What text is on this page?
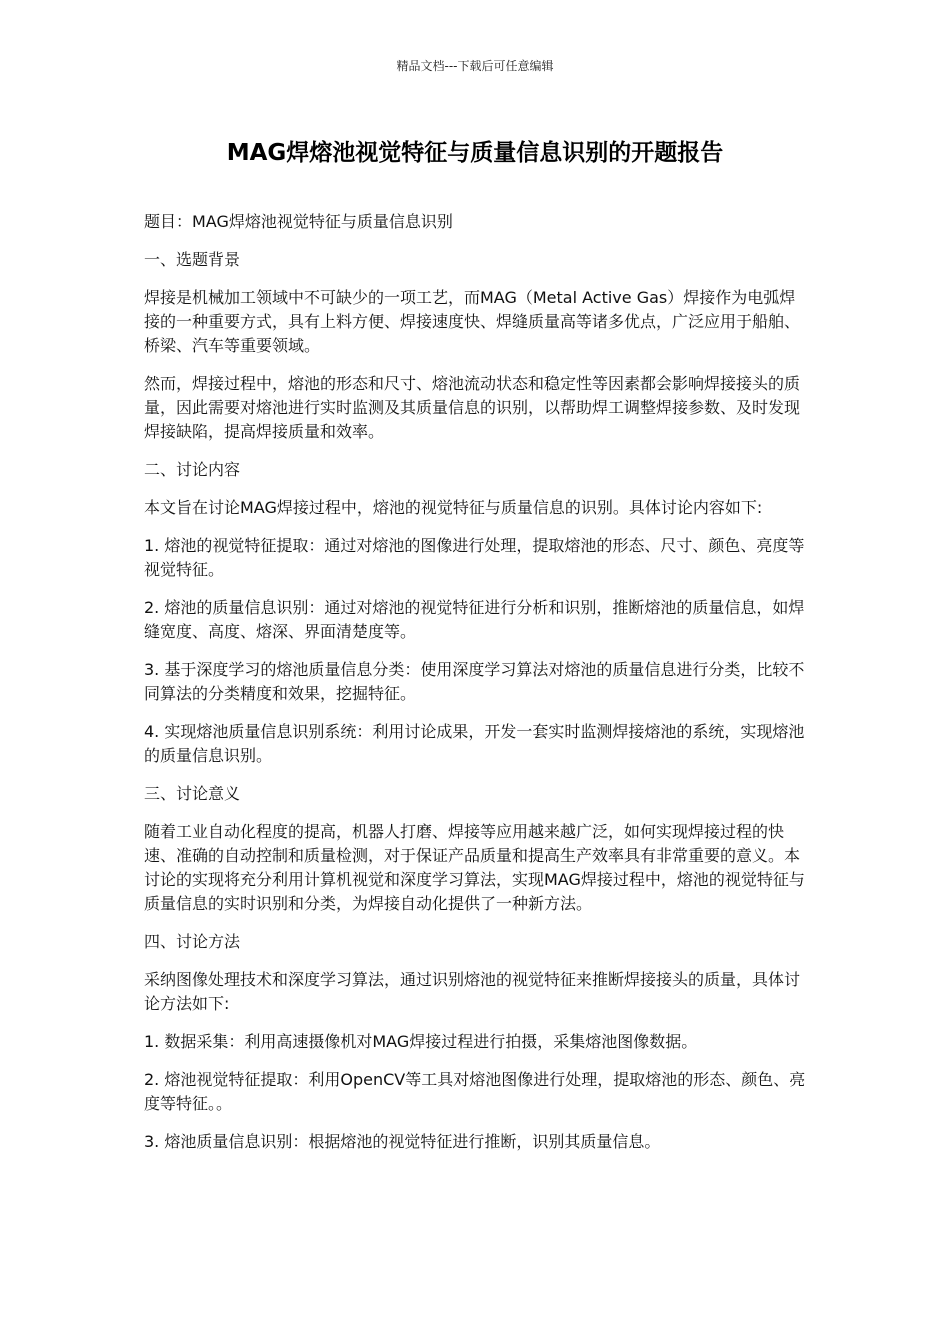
精品文档---下载后可任意编辑
MAG焊熔池视觉特征与质量信息识别的开题报告

题目：MAG焊熔池视觉特征与质量信息识别

一、选题背景

焊接是机械加工领域中不可缺少的一项工艺，而MAG（Metal Active Gas）焊接作为电弧焊接的一种重要方式，具有上料方便、焊接速度快、焊缝质量高等诸多优点，广泛应用于船舶、桥梁、汽车等重要领域。

然而，焊接过程中，熔池的形态和尺寸、熔池流动状态和稳定性等因素都会影响焊接接头的质量，因此需要对熔池进行实时监测及其质量信息的识别，以帮助焊工调整焊接参数、及时发现焊接缺陷，提高焊接质量和效率。

二、讨论内容

本文旨在讨论MAG焊接过程中，熔池的视觉特征与质量信息的识别。具体讨论内容如下:

1. 熔池的视觉特征提取：通过对熔池的图像进行处理，提取熔池的形态、尺寸、颜色、亮度等视觉特征。

2. 熔池的质量信息识别：通过对熔池的视觉特征进行分析和识别，推断熔池的质量信息，如焊缝宽度、高度、熔深、界面清楚度等。

3. 基于深度学习的熔池质量信息分类：使用深度学习算法对熔池的质量信息进行分类，比较不同算法的分类精度和效果，挖掘特征。

4. 实现熔池质量信息识别系统：利用讨论成果，开发一套实时监测焊接熔池的系统，实现熔池的质量信息识别。

三、讨论意义

随着工业自动化程度的提高，机器人打磨、焊接等应用越来越广泛，如何实现焊接过程的快速、准确的自动控制和质量检测，对于保证产品质量和提高生产效率具有非常重要的意义。本讨论的实现将充分利用计算机视觉和深度学习算法，实现MAG焊接过程中，熔池的视觉特征与质量信息的实时识别和分类，为焊接自动化提供了一种新方法。

四、讨论方法

采纳图像处理技术和深度学习算法，通过识别熔池的视觉特征来推断焊接接头的质量，具体讨论方法如下:

1. 数据采集：利用高速摄像机对MAG焊接过程进行拍摄，采集熔池图像数据。

2. 熔池视觉特征提取：利用OpenCV等工具对熔池图像进行处理，提取熔池的形态、颜色、亮度等特征。。

3. 熔池质量信息识别：根据熔池的视觉特征进行推断，识别其质量信息。
